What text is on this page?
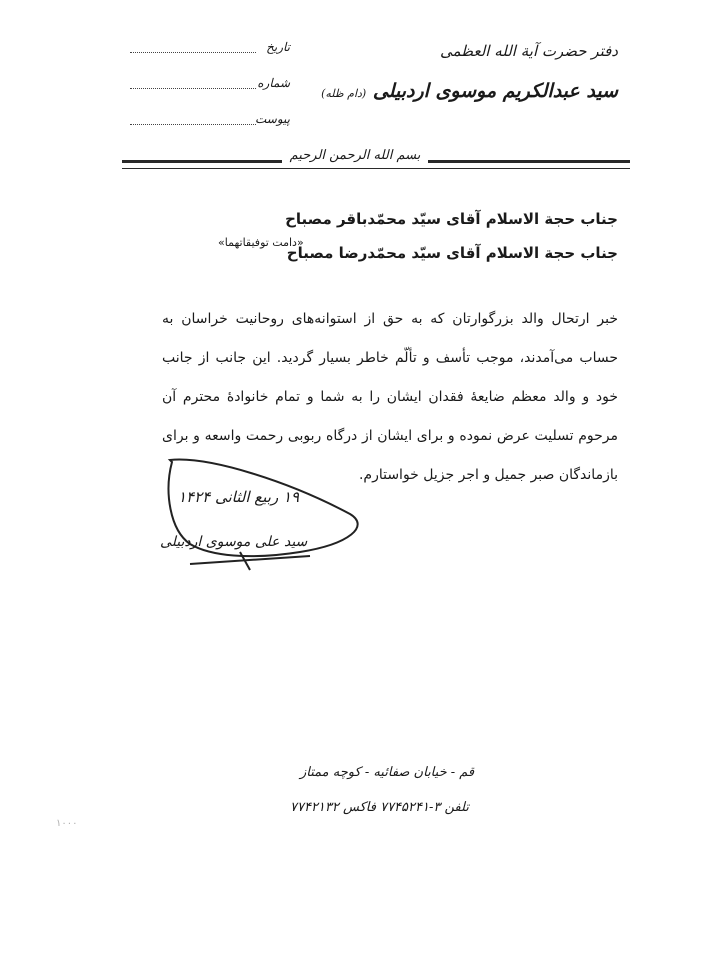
دفتر حضرت آیة الله العظمی
سید عبدالکریم موسوی اردبیلی (دام ظله)
تاریخ
شماره
پیوست
بسم الله الرحمن الرحیم
جناب حجة الاسلام آقای سیّد محمّدباقر مصباح
جناب حجة الاسلام آقای سیّد محمّدرضا مصباح
«دامت توفیقاتهما»
خبر ارتحال والد بزرگوارتان که به حق از استوانه‌های روحانیت خراسان به حساب می‌آمدند، موجب تأسف و تألّم خاطر بسیار گردید. این جانب از جانب خود و والد معظم ضایعهٔ فقدان ایشان را به شما و تمام خانوادهٔ محترم آن مرحوم تسلیت عرض نموده و برای ایشان از درگاه ربوبی رحمت واسعه و برای بازماندگان صبر جمیل و اجر جزیل خواستارم.
۱۹ ربیع الثانی ۱۴۲۴
سید علی موسوی اردبیلی
قم - خیابان صفائیه - کوچه ممتاز
تلفن ۳-۷۷۴۵۲۴۱ فاکس ۷۷۴۲۱۳۲
۱۰۰۰
